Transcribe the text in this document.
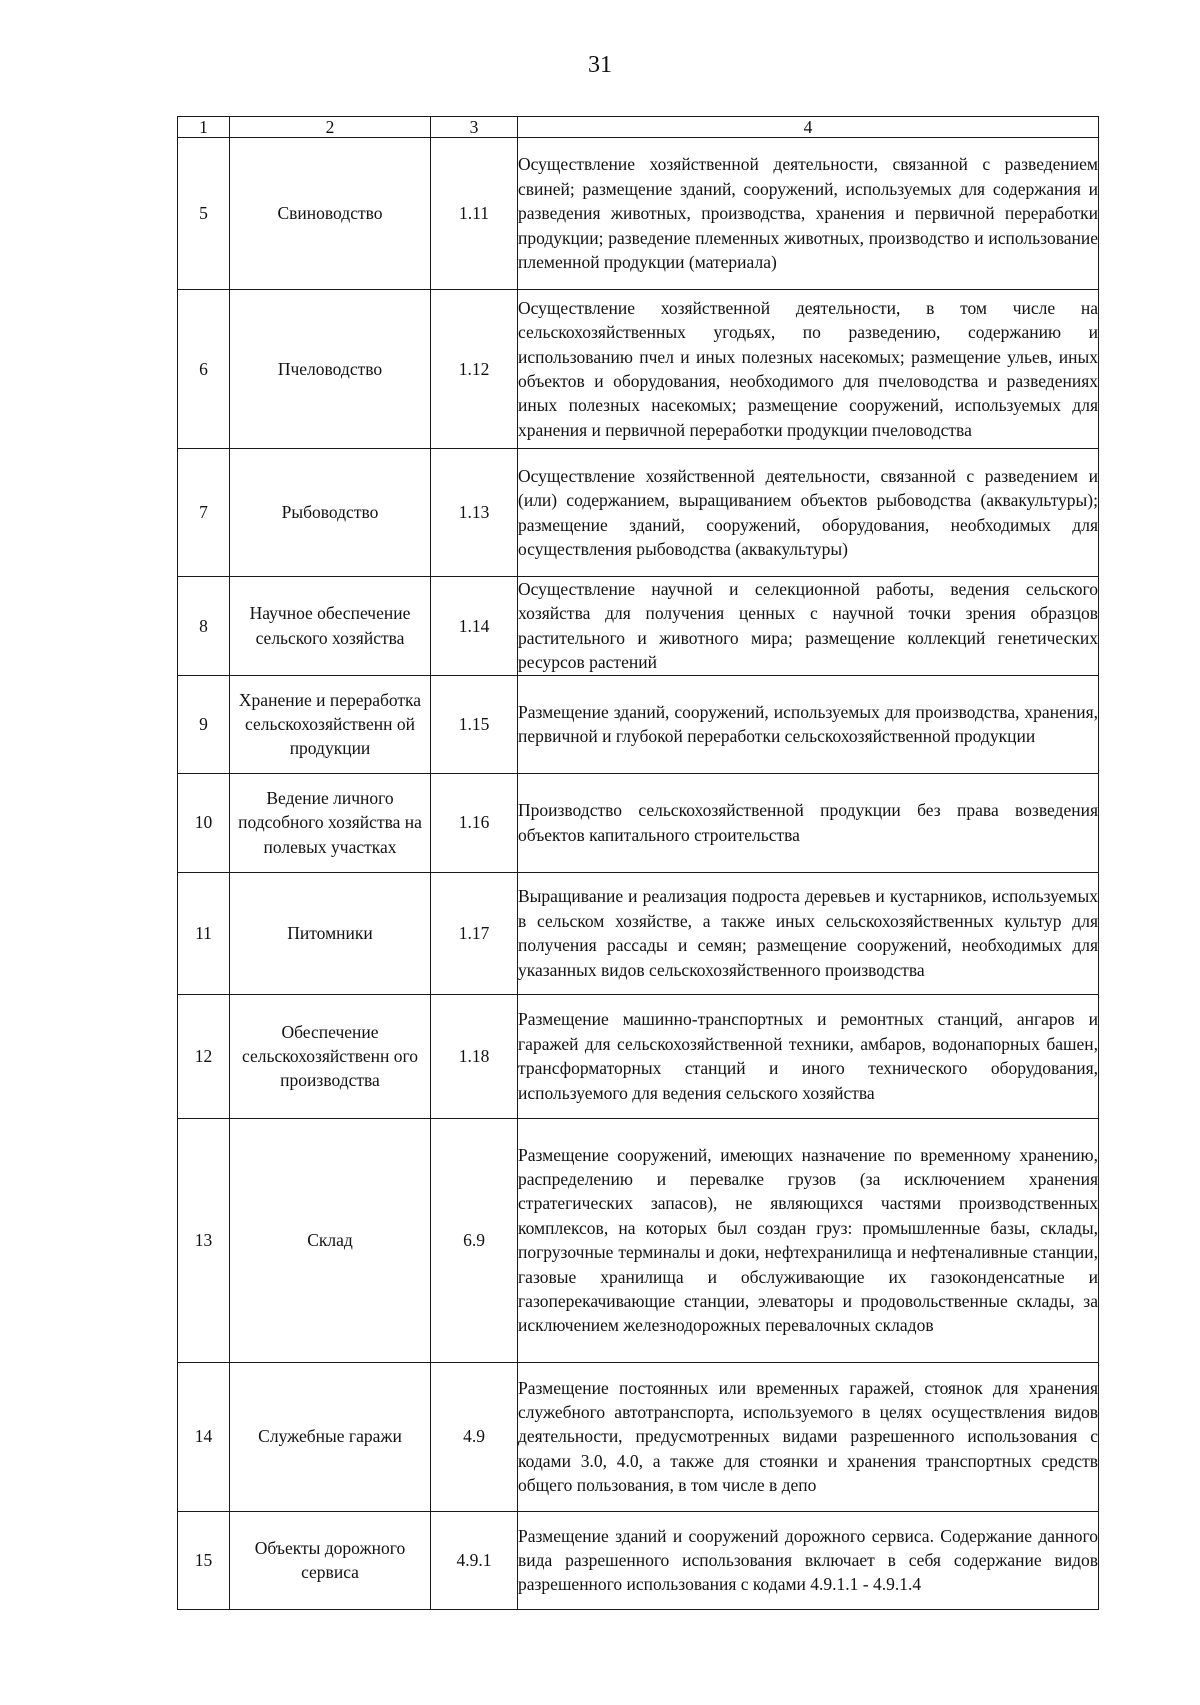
31
1	2	3	4
5	Свиноводство	1.11	Осуществление хозяйственной деятельности, связанной с разведением свиней; размещение зданий, сооружений, используемых для содержания и разведения животных, производства, хранения и первичной переработки продукции; разведение племенных животных, производство и использование племенной продукции (материала)
6	Пчеловодство	1.12	Осуществление хозяйственной деятельности, в том числе на сельскохозяйственных угодьях, по разведению, содержанию и использованию пчел и иных полезных насекомых; размещение ульев, иных объектов и оборудования, необходимого для пчеловодства и разведениях иных полезных насекомых; размещение сооружений, используемых для хранения и первичной переработки продукции пчеловодства
7	Рыбоводство	1.13	Осуществление хозяйственной деятельности, связанной с разведением и (или) содержанием, выращиванием объектов рыбоводства (аквакультуры); размещение зданий, сооружений, оборудования, необходимых для осуществления рыбоводства (аквакультуры)
8	Научное обеспечение сельского хозяйства	1.14	Осуществление научной и селекционной работы, ведения сельского хозяйства для получения ценных с научной точки зрения образцов растительного и животного мира; размещение коллекций генетических ресурсов растений
9	Хранение и переработка сельскохозяйственн ой продукции	1.15	Размещение зданий, сооружений, используемых для производства, хранения, первичной и глубокой переработки сельскохозяйственной продукции
10	Ведение личного подсобного хозяйства на полевых участках	1.16	Производство сельскохозяйственной продукции без права возведения объектов капитального строительства
11	Питомники	1.17	Выращивание и реализация подроста деревьев и кустарников, используемых в сельском хозяйстве, а также иных сельскохозяйственных культур для получения рассады и семян; размещение сооружений, необходимых для указанных видов сельскохозяйственного производства
12	Обеспечение сельскохозяйственн ого производства	1.18	Размещение машинно-транспортных и ремонтных станций, ангаров и гаражей для сельскохозяйственной техники, амбаров, водонапорных башен, трансформаторных станций и иного технического оборудования, используемого для ведения сельского хозяйства
13	Склад	6.9	Размещение сооружений, имеющих назначение по временному хранению, распределению и перевалке грузов (за исключением хранения стратегических запасов), не являющихся частями производственных комплексов, на которых был создан груз: промышленные базы, склады, погрузочные терминалы и доки, нефтехранилища и нефтеналивные станции, газовые хранилища и обслуживающие их газоконденсатные и газоперекачивающие станции, элеваторы и продовольственные склады, за исключением железнодорожных перевалочных складов
14	Служебные гаражи	4.9	Размещение постоянных или временных гаражей, стоянок для хранения служебного автотранспорта, используемого в целях осуществления видов деятельности, предусмотренных видами разрешенного использования с кодами 3.0, 4.0, а также для стоянки и хранения транспортных средств общего пользования, в том числе в депо
15	Объекты дорожного сервиса	4.9.1	Размещение зданий и сооружений дорожного сервиса. Содержание данного вида разрешенного использования включает в себя содержание видов разрешенного использования с кодами 4.9.1.1 - 4.9.1.4
